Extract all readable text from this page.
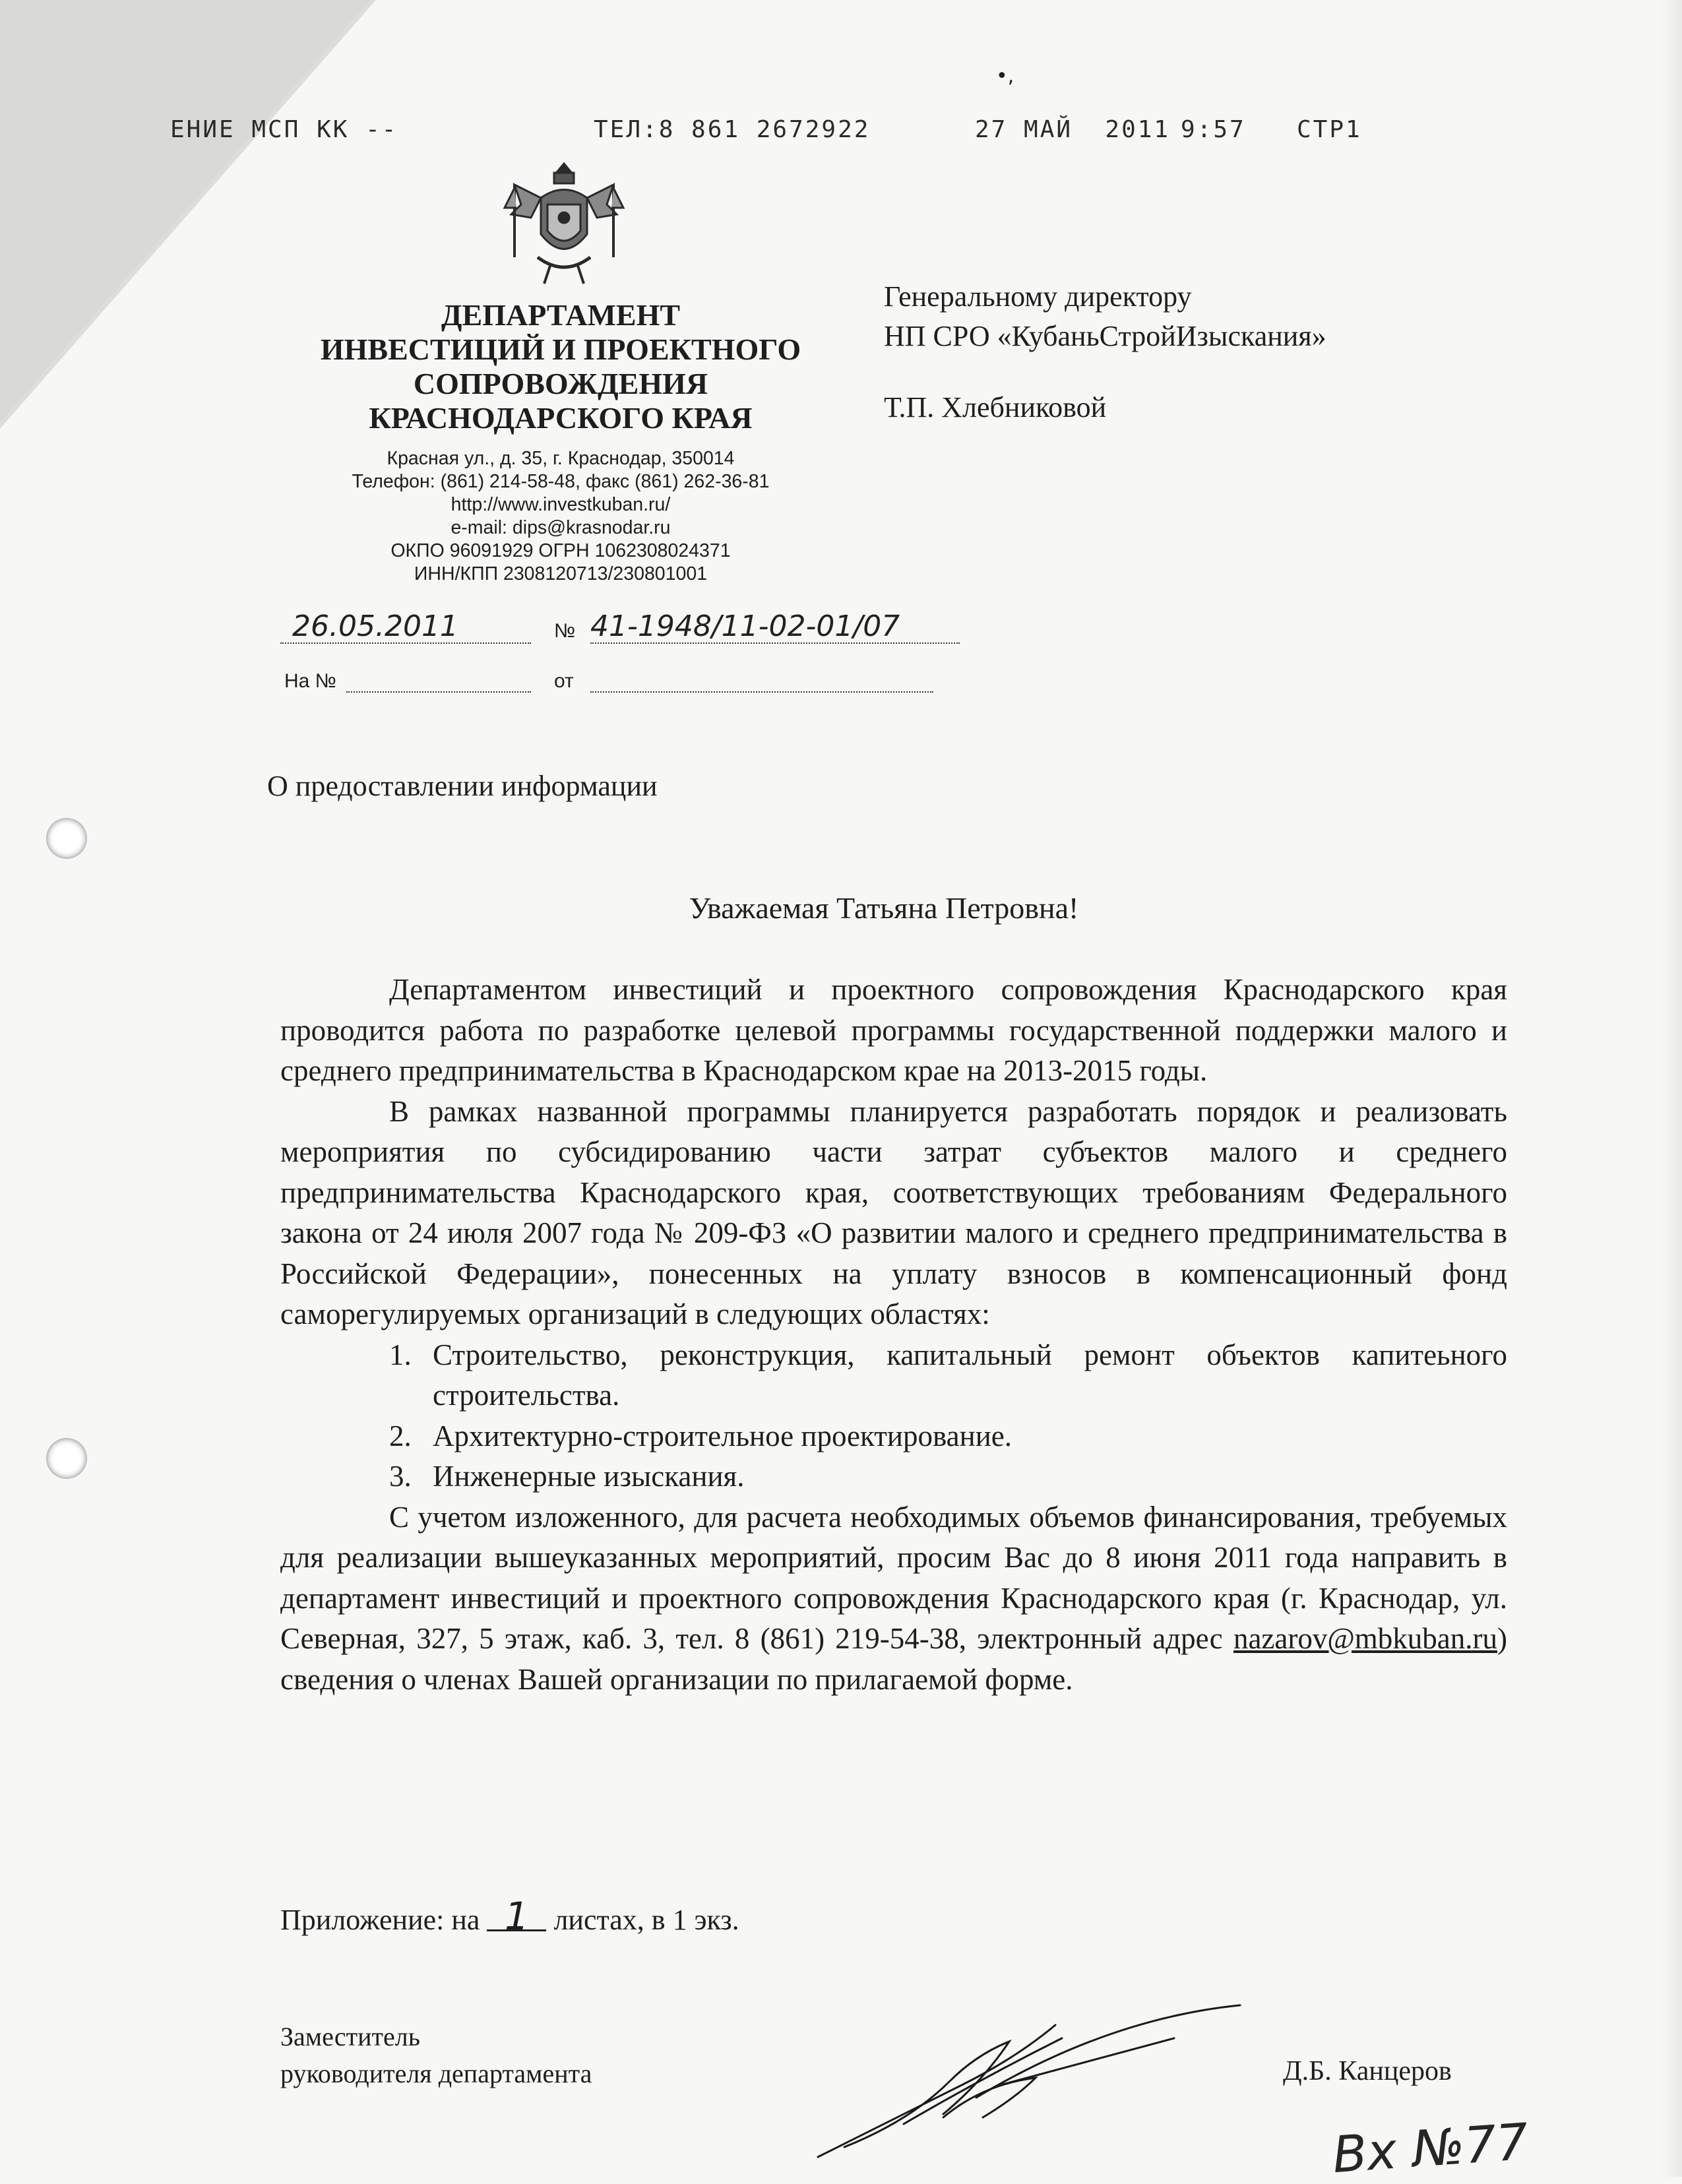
•,
ЕНИЕ МСП КК --	ТЕЛ:8 861 2672922	27 МАЙ  2011 9:57 СТР1
ДЕПАРТАМЕНТ
ИНВЕСТИЦИЙ И ПРОЕКТНОГО
СОПРОВОЖДЕНИЯ
КРАСНОДАРСКОГО КРАЯ
Красная ул., д. 35, г. Краснодар, 350014
Телефон: (861) 214-58-48, факс (861) 262-36-81
http://www.investkuban.ru/
e-mail: dips@krasnodar.ru
ОКПО 96091929 ОГРН 1062308024371
ИНН/КПП 2308120713/230801001
26.05.2011	№ 41-1948/11-02-01/07
На №	от
Генеральному директору
НП СРО «КубаньСтройИзыскания»
Т.П. Хлебниковой
О предоставлении информации
Уважаемая Татьяна Петровна!

Департаментом инвестиций и проектного сопровождения Краснодарского края проводится работа по разработке целевой программы государственной поддержки малого и среднего предпринимательства в Краснодарском крае на 2013-2015 годы.

В рамках названной программы планируется разработать порядок и реализовать мероприятия по субсидированию части затрат субъектов малого и среднего предпринимательства Краснодарского края, соответствующих требованиям Федерального закона от 24 июля 2007 года № 209-ФЗ «О развитии малого и среднего предпринимательства в Российской Федерации», понесенных на уплату взносов в компенсационный фонд саморегулируемых организаций в следующих областях:

1. Строительство, реконструкция, капитальный ремонт объектов капитеьного строительства.
2. Архитектурно-строительное проектирование.
3. Инженерные изыскания.

С учетом изложенного, для расчета необходимых объемов финансирования, требуемых для реализации вышеуказанных мероприятий, просим Вас до 8 июня 2011 года направить в департамент инвестиций и проектного сопровождения Краснодарского края (г. Краснодар, ул. Северная, 327, 5 этаж, каб. 3, тел. 8 (861) 219-54-38, электронный адрес nazarov@mbkuban.ru) сведения о членах Вашей организации по прилагаемой форме.

Приложение: на 1 листах, в 1 экз.
Заместитель
руководителя департамента	Д.Б. Канцеров
Вх №77
